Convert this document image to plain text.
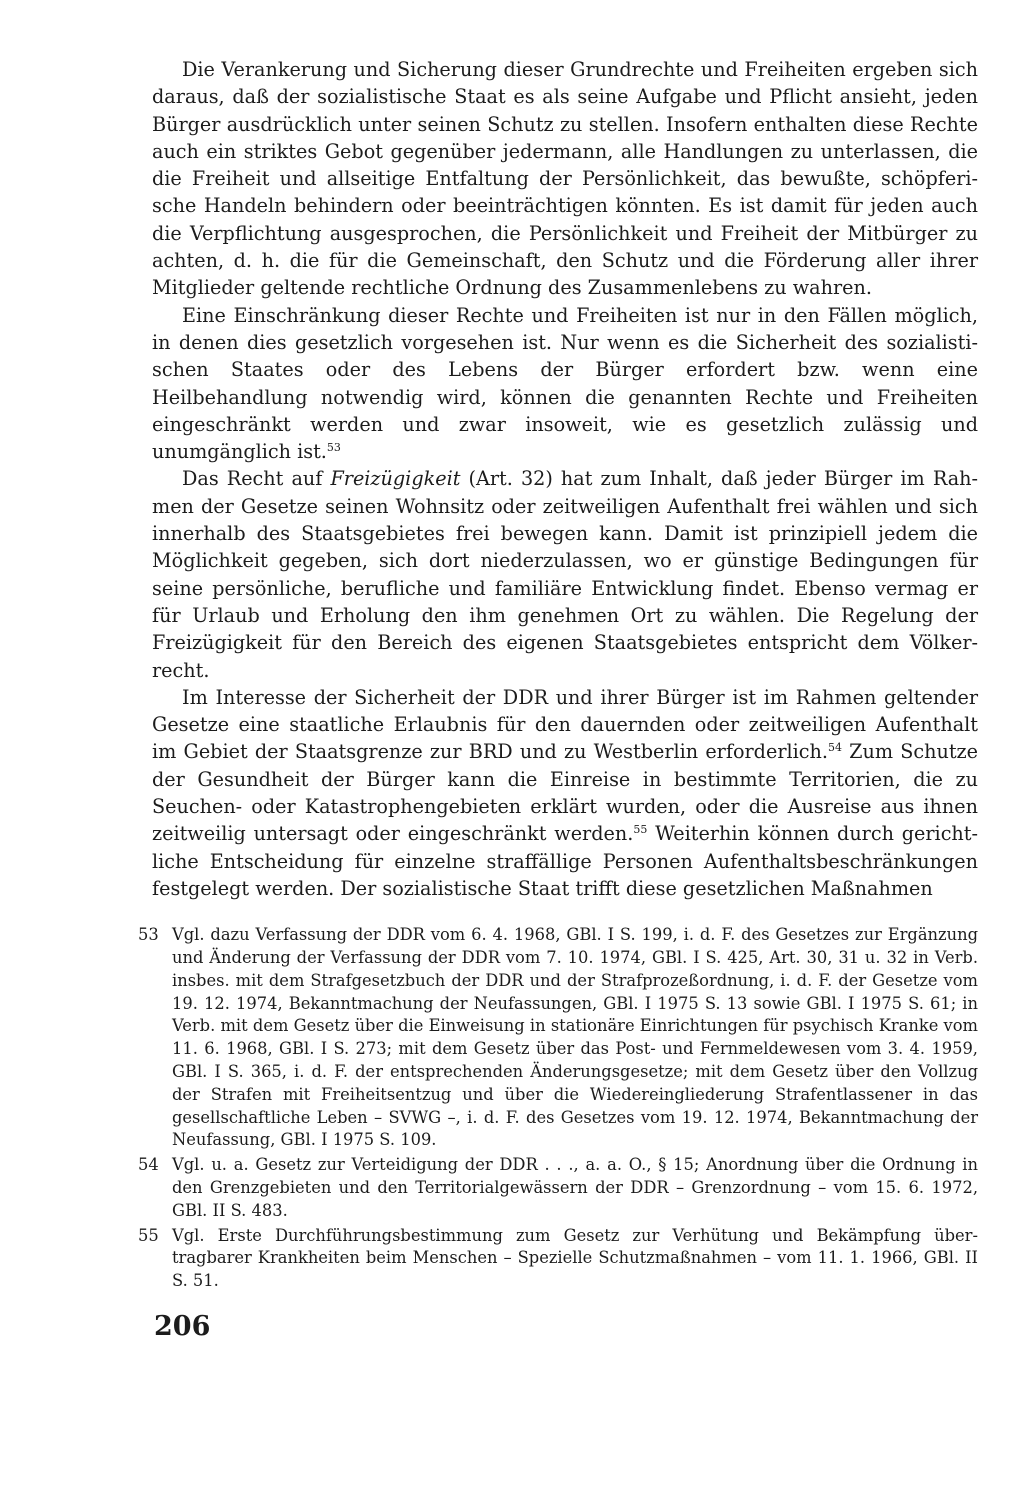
Die Verankerung und Sicherung dieser Grundrechte und Freiheiten ergeben sich daraus, daß der sozialistische Staat es als seine Aufgabe und Pflicht ansieht, jeden Bürger ausdrücklich unter seinen Schutz zu stellen. Insofern enthalten diese Rechte auch ein striktes Gebot gegenüber jedermann, alle Handlungen zu unterlassen, die die Freiheit und allseitige Entfaltung der Persönlichkeit, das bewußte, schöpferische Handeln behindern oder beeinträchtigen könnten. Es ist damit für jeden auch die Verpflichtung ausgesprochen, die Persönlichkeit und Freiheit der Mitbürger zu achten, d. h. die für die Gemeinschaft, den Schutz und die Förderung aller ihrer Mitglieder geltende rechtliche Ordnung des Zusammenlebens zu wahren.

Eine Einschränkung dieser Rechte und Freiheiten ist nur in den Fällen möglich, in denen dies gesetzlich vorgesehen ist. Nur wenn es die Sicherheit des sozialistischen Staates oder des Lebens der Bürger erfordert bzw. wenn eine Heilbehandlung notwendig wird, können die genannten Rechte und Freiheiten eingeschränkt werden und zwar insoweit, wie es gesetzlich zulässig und unumgänglich ist.$^{53}$

Das Recht auf Freizügigkeit (Art. 32) hat zum Inhalt, daß jeder Bürger im Rahmen der Gesetze seinen Wohnsitz oder zeitweiligen Aufenthalt frei wählen und sich innerhalb des Staatsgebietes frei bewegen kann. Damit ist prinzipiell jedem die Möglichkeit gegeben, sich dort niederzulassen, wo er günstige Bedingungen für seine persönliche, berufliche und familiäre Entwicklung findet. Ebenso vermag er für Urlaub und Erholung den ihm genehmen Ort zu wählen. Die Regelung der Freizügigkeit für den Bereich des eigenen Staatsgebietes entspricht dem Völkerrecht.

Im Interesse der Sicherheit der DDR und ihrer Bürger ist im Rahmen geltender Gesetze eine staatliche Erlaubnis für den dauernden oder zeitweiligen Aufenthalt im Gebiet der Staatsgrenze zur BRD und zu Westberlin erforderlich.$^{54}$ Zum Schutze der Gesundheit der Bürger kann die Einreise in bestimmte Territorien, die zu Seuchen- oder Katastrophengebieten erklärt wurden, oder die Ausreise aus ihnen zeitweilig untersagt oder eingeschränkt werden.$^{55}$ Weiterhin können durch gerichtliche Entscheidung für einzelne straffällige Personen Aufenthaltsbeschränkungen festgelegt werden. Der sozialistische Staat trifft diese gesetzlichen Maßnahmen

53 Vgl. dazu Verfassung der DDR vom 6. 4. 1968, GBl. I S. 199, i. d. F. des Gesetzes zur Ergänzung und Änderung der Verfassung der DDR vom 7. 10. 1974, GBl. I S. 425, Art. 30, 31 u. 32 in Verb. insbes. mit dem Strafgesetzbuch der DDR und der Strafprozeßordnung, i. d. F. der Gesetze vom 19. 12. 1974, Bekanntmachung der Neufassungen, GBl. I 1975 S. 13 sowie GBl. I 1975 S. 61; in Verb. mit dem Gesetz über die Einweisung in stationäre Einrichtungen für psychisch Kranke vom 11. 6. 1968, GBl. I S. 273; mit dem Gesetz über das Post- und Fernmeldewesen vom 3. 4. 1959, GBl. I S. 365, i. d. F. der entsprechenden Änderungsgesetze; mit dem Gesetz über den Vollzug der Strafen mit Freiheitsentzug und über die Wiedereingliederung Strafentlassener in das gesellschaftliche Leben – SVWG –, i. d. F. des Gesetzes vom 19. 12. 1974, Bekanntmachung der Neufassung, GBl. I 1975 S. 109.
54 Vgl. u. a. Gesetz zur Verteidigung der DDR . . ., a. a. O., § 15; Anordnung über die Ordnung in den Grenzgebieten und den Territorialgewässern der DDR – Grenzordnung – vom 15. 6. 1972, GBl. II S. 483.
55 Vgl. Erste Durchführungsbestimmung zum Gesetz zur Verhütung und Bekämpfung übertragbarer Krankheiten beim Menschen – Spezielle Schutzmaßnahmen – vom 11. 1. 1966, GBl. II S. 51.
206
